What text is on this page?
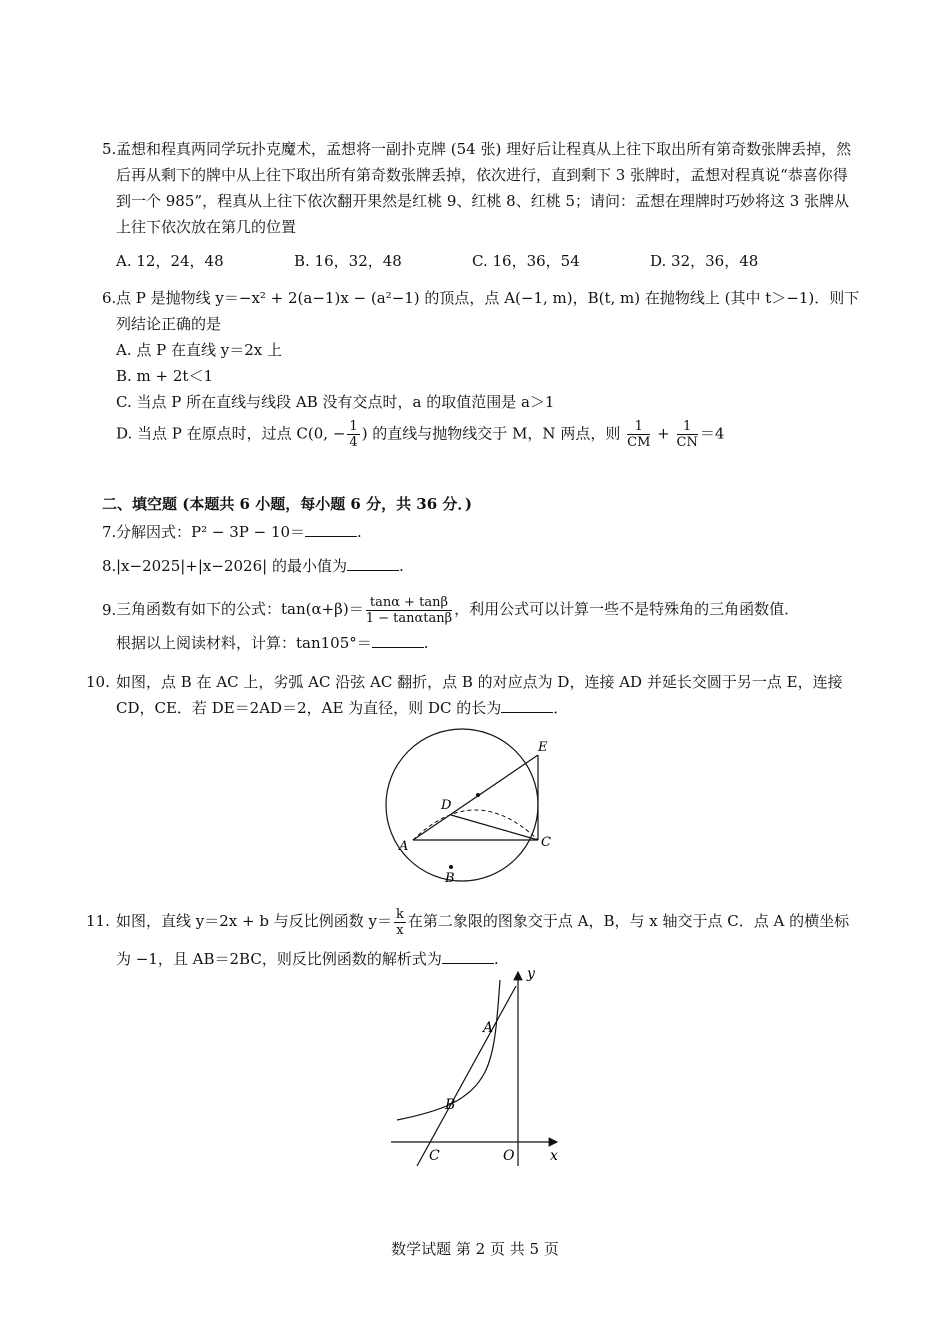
5. 孟想和程真两同学玩扑克魔术，孟想将一副扑克牌 (54 张) 理好后让程真从上往下取出所有第奇数张牌丢掉，然后再从剩下的牌中从上往下取出所有第奇数张牌丢掉，依次进行，直到剩下 3 张牌时，孟想对程真说“恭喜你得到一个 985”，程真从上往下依次翻开果然是红桃 9、红桃 8、红桃 5；请问：孟想在理牌时巧妙将这 3 张牌从上往下依次放在第几的位置
A. 12，24，48	B. 16，32，48	C. 16，36，54	D. 32，36，48
6. 点 P 是抛物线 y＝−x² + 2(a−1)x − (a²−1) 的顶点，点 A(−1, m)，B(t, m) 在抛物线上 (其中 t＞−1)．则下列结论正确的是
A. 点 P 在直线 y＝2x 上
B. m + 2t＜1
C. 当点 P 所在直线与线段 AB 没有交点时，a 的取值范围是 a＞1
D. 当点 P 在原点时，过点 C(0, − $\frac{1}{4}$ ) 的直线与抛物线交于 M，N 两点，则 $\frac{1}{CM} + \frac{1}{CN} =4$
二、填空题 (本题共 6 小题，每小题 6 分，共 36 分．)
7. 分解因式：P² − 3P − 10＝	.
8. |x−2025|+|x−2026| 的最小值为	.
9. 三角函数有如下的公式：$\tan(\alpha+\beta)= \frac{\tan\alpha + \tan\beta}{1 - \tan\alpha\tan\beta}$ ，利用公式可以计算一些不是特殊角的三角函数值．
根据以上阅读材料，计算：tan105°＝	.
10. 如图，点 B 在 AC 上，劣弧 AC 沿弦 AC 翻折，点 B 的对应点为 D，连接 AD 并延长交圆于另一点 E，连接 CD，CE．若 DE＝2AD＝2，AE 为直径，则 DC 的长为	．
E
D
A	C
B
11. 如图，直线 y＝2x + b 与反比例函数 $y= \frac{k}{x}$ 在第二象限的图象交于点 A，B，与 x 轴交于点 C．点 A 的横坐标为 −1，且 AB＝2BC，则反比例函数的解析式为	.
y
A
B
C	O	x
数学试题 第 2 页 共 5 页
